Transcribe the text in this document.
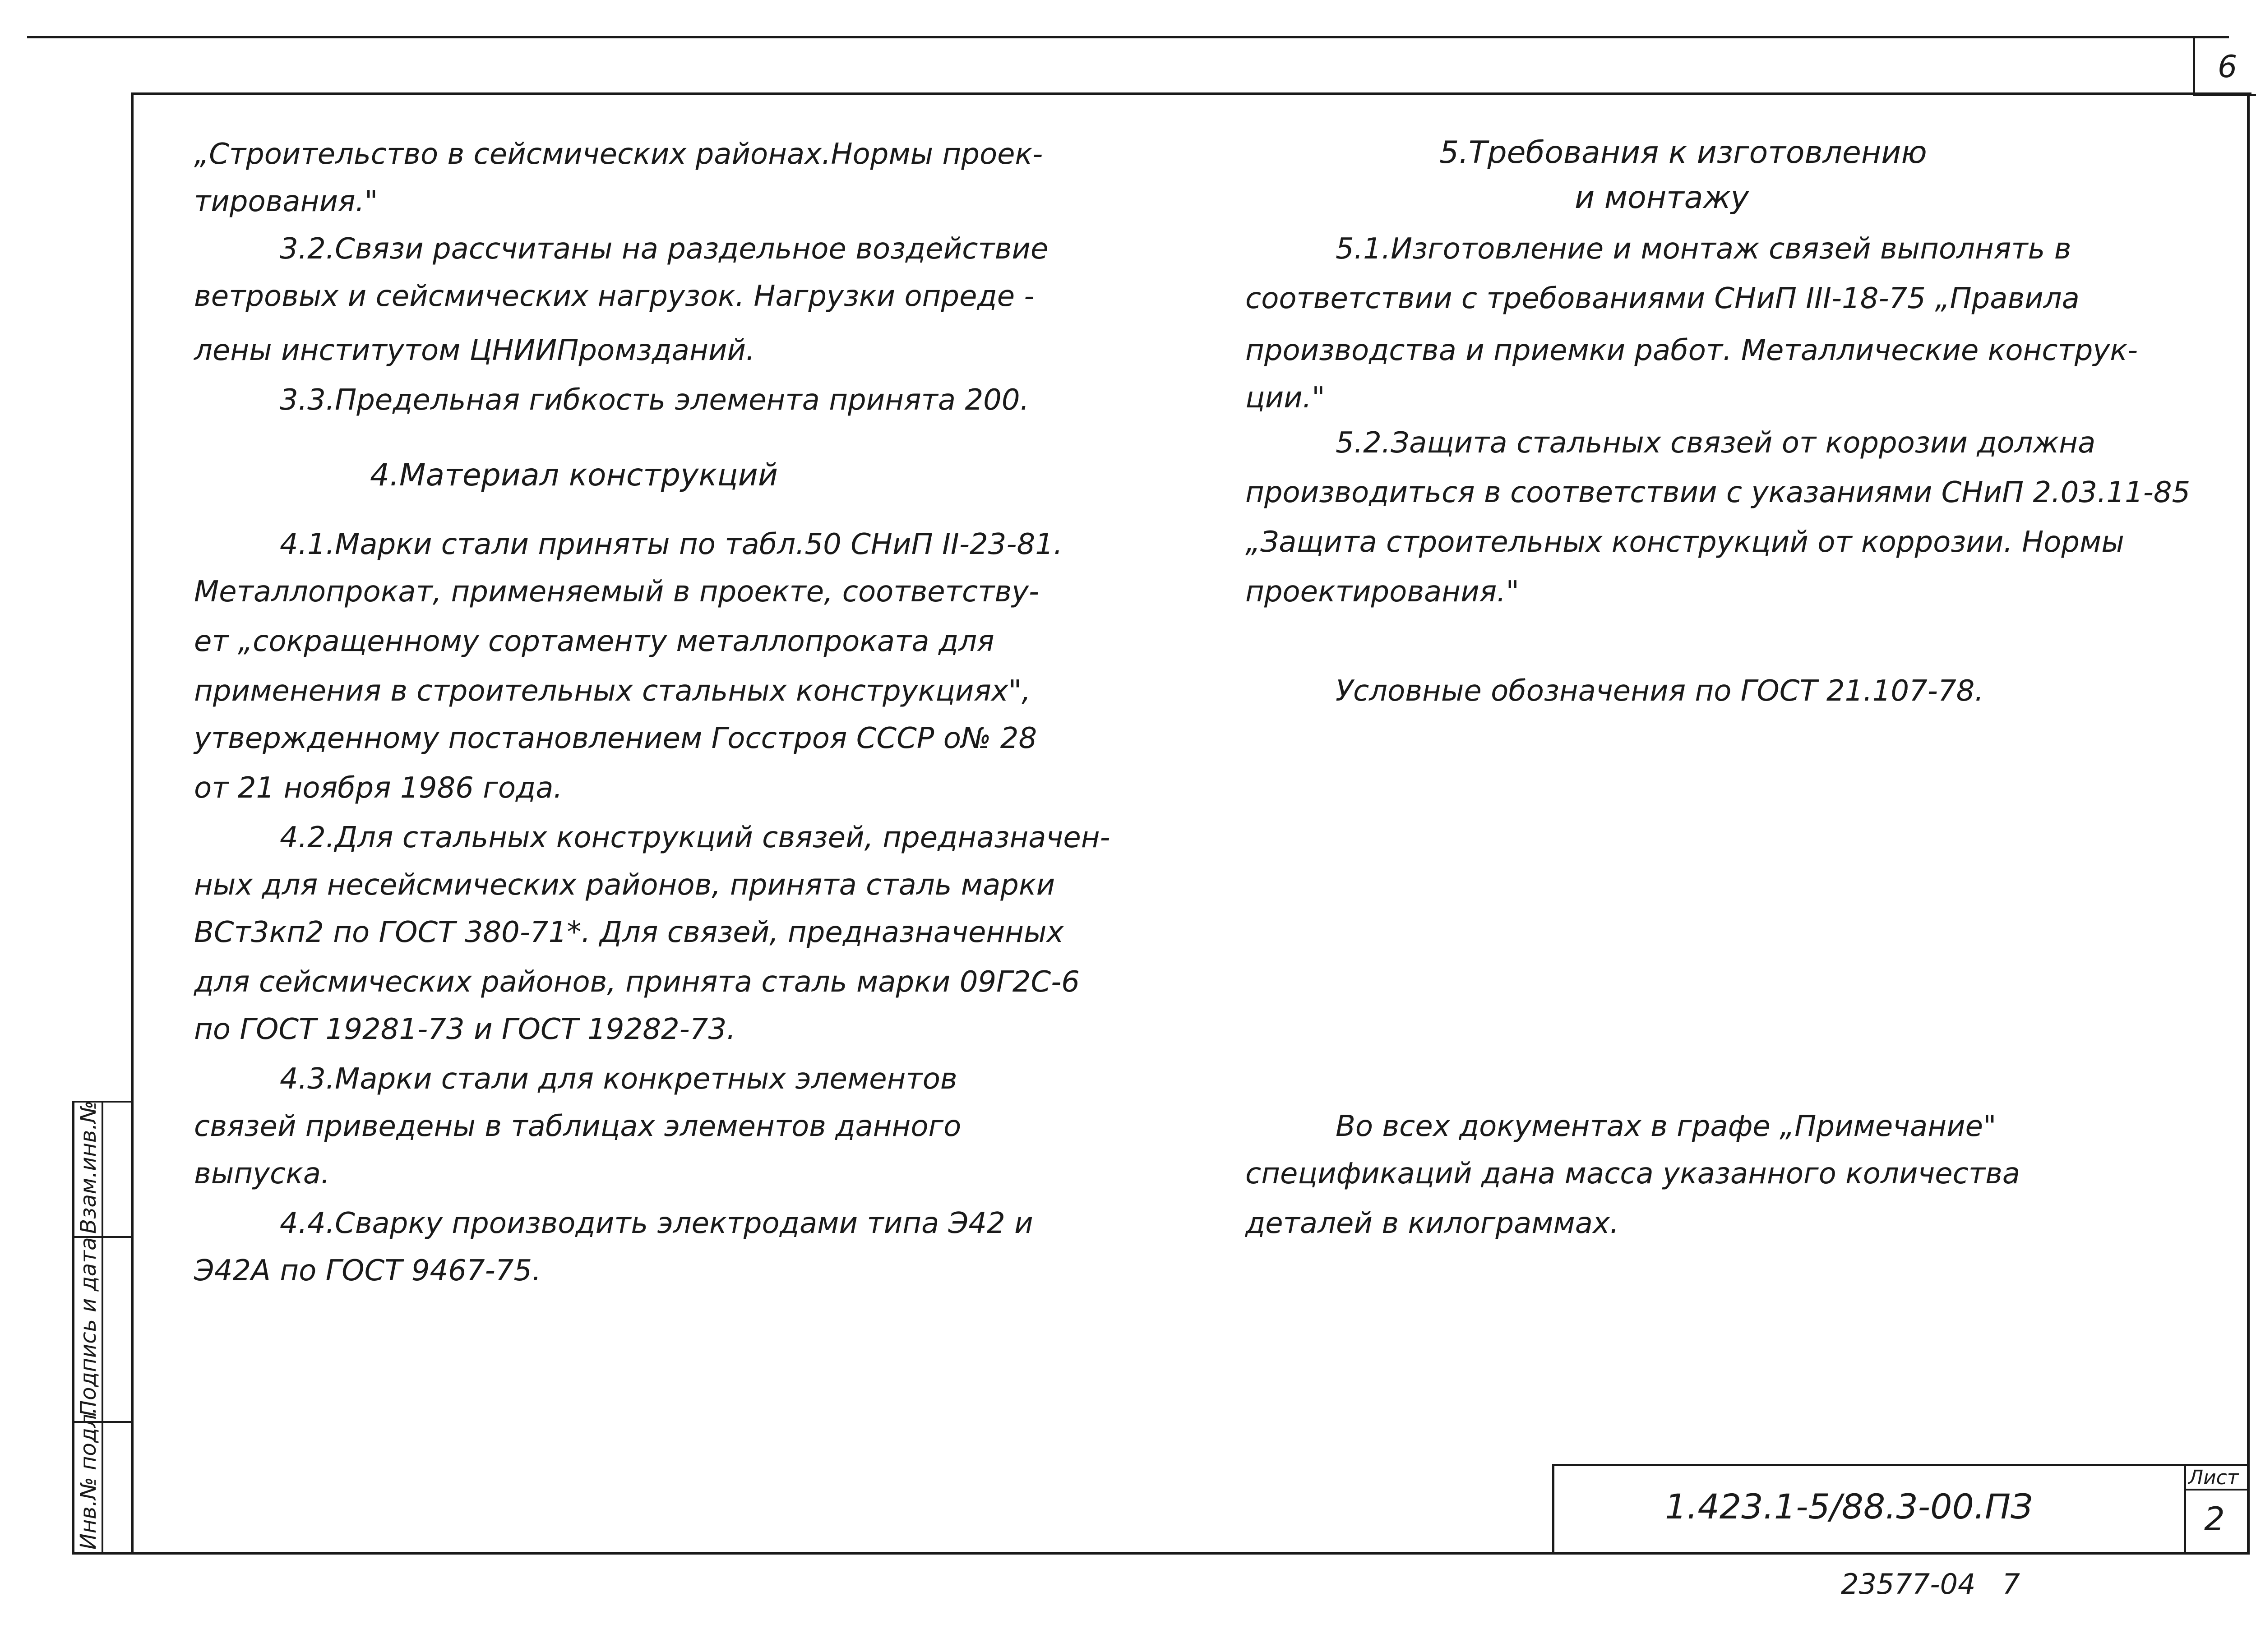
6
Взам.инв.№
Подпись и дата
Инв.№ подл.
„Строительство в сейсмических районах.Нормы проек-
тирования."
3.2.Связи рассчитаны на раздельное воздействие
ветровых и сейсмических нагрузок. Нагрузки опреде -
лены институтом ЦНИИПромзданий.
3.3.Предельная гибкость элемента принята 200.
4.Материал конструкций
4.1.Марки стали приняты по табл.50 СНиП II-23-81.
Металлопрокат, применяемый в проекте, соответству-
ет „сокращенному сортаменту металлопроката для
применения в строительных стальных конструкциях",
утвержденному постановлением Госстроя СССР о№ 28
от 21 ноября 1986 года.
4.2.Для стальных конструкций связей, предназначен-
ных для несейсмических районов, принята сталь марки
ВСт3кп2 по ГОСТ 380-71*. Для связей, предназначенных
для сейсмических районов, принята сталь марки 09Г2С-6
по ГОСТ 19281-73 и ГОСТ 19282-73.
4.3.Марки стали для конкретных элементов
связей приведены в таблицах элементов данного
выпуска.
4.4.Сварку производить электродами типа Э42 и
Э42А по ГОСТ 9467-75.
5.Требования к изготовлению
и монтажу
5.1.Изготовление и монтаж связей выполнять в
соответствии с требованиями СНиП III-18-75 „Правила
производства и приемки работ. Металлические конструк-
ции."
5.2.Защита стальных связей от коррозии должна
производиться в соответствии с указаниями СНиП 2.03.11-85
„Защита строительных конструкций от коррозии. Нормы
проектирования."
Условные обозначения по ГОСТ 21.107-78.
Во всех документах в графе „Примечание"
спецификаций дана масса указанного количества
деталей в килограммах.
1.423.1-5/88.3-00.ПЗ
Лист
2
23577-04   7
